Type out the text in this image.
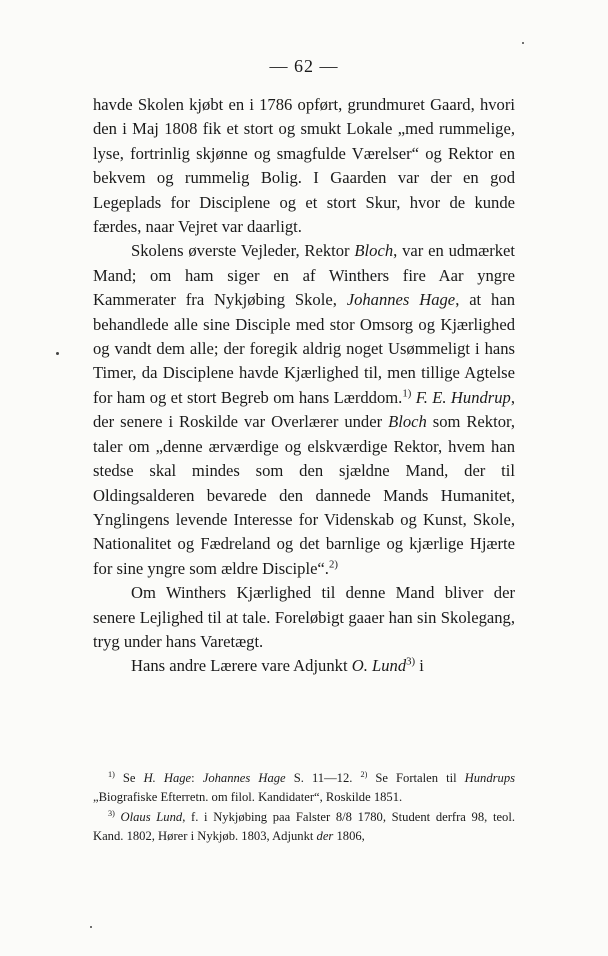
— 62 —

havde Skolen kjøbt en i 1786 opført, grundmuret Gaard, hvori den i Maj 1808 fik et stort og smukt Lokale „med rummelige, lyse, fortrinlig skjønne og smagfulde Værelser“ og Rektor en bekvem og rummelig Bolig. I Gaarden var der en god Legeplads for Disciplene og et stort Skur, hvor de kunde færdes, naar Vejret var daarligt.

Skolens øverste Vejleder, Rektor Bloch, var en udmærket Mand; om ham siger en af Winthers fire Aar yngre Kammerater fra Nykjøbing Skole, Johannes Hage, at han behandlede alle sine Disciple med stor Omsorg og Kjærlighed og vandt dem alle; der foregik aldrig noget Usømmeligt i hans Timer, da Disciplene havde Kjærlighed til, men tillige Agtelse for ham og et stort Begreb om hans Lærddom.$^{1)}$ F. E. Hundrup, der senere i Roskilde var Overlærer under Bloch som Rektor, taler om „denne ærværdige og elskværdige Rektor, hvem han stedse skal mindes som den sjældne Mand, der til Oldingsalderen bevarede den dannede Mands Humanitet, Ynglingens levende Interesse for Videnskab og Kunst, Skole, Nationalitet og Fædreland og det barnlige og kjærlige Hjærte for sine yngre som ældre Disciple“.$^{2)}$

Om Winthers Kjærlighed til denne Mand bliver der senere Lejlighed til at tale. Foreløbigt gaaer han sin Skolegang, tryg under hans Varetægt.

Hans andre Lærere vare Adjunkt O. Lund$^{3)}$ i

$^{1)}$ Se H. Hage: Johannes Hage S. 11—12. $^{2)}$ Se Fortalen til Hundrups „Biografiske Efterretn. om filol. Kandidater“, Roskilde 1851.

$^{3)}$ Olaus Lund, f. i Nykjøbing paa Falster 8/8 1780, Student derfra 98, teol. Kand. 1802, Hører i Nykjøb. 1803, Adjunkt der 1806,
